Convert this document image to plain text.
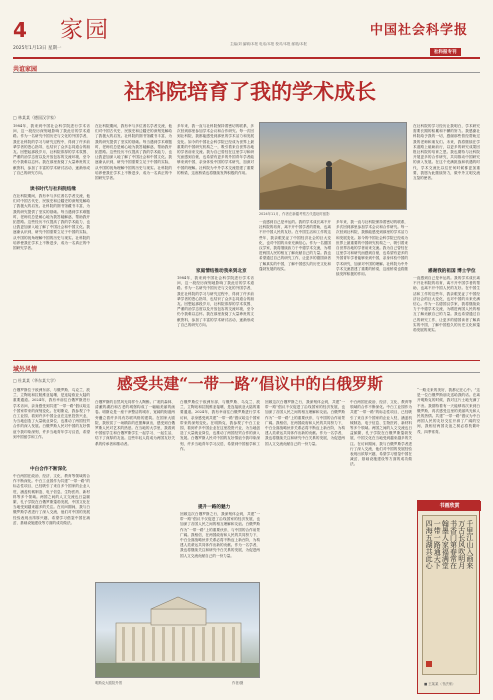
4 家园
2025年1月13日 星期一
中国社会科学报
主编/刘 编辑/本报 电话/本报 校对/本报 邮箱/本报
社科报专刊
共谊家园
社科院培育了我的学术成长
□ 林某某（德国汉学家）
读书时代与社科院结缘
1984年，我来到中国社会科学院进行学术访问，这一段经历深刻地影响了我此后的学术道路。作为一名研究中国历史与文化的外国学者，我在社科院的学习与研究过程中，得到了许多前辈学者的悉心指导，也结识了众多志同道合的朋友。回想起那段岁月，社科院浓厚的学术氛围、严谨的治学态度以及开放包容的交流环境，至今仍令我难以忘怀。我在那里查阅了大量珍贵的文献资料，参加了丰富的学术研讨活动，逐渐形成了自己的研究方向。
在社科院期间，我有幸与多位著名学者交流，他们对中国古代史、民族史和边疆史的深刻见解给了我极大的启发。社科院的图书馆藏书丰富，为我的研究提供了坚实的基础。每当遇到学术难题时，老师们总是耐心地为我答疑解惑，帮助我开拓思路。这些经历不仅提高了我的学术能力，也让我更加深入地了解了中国社会和中国文化。我逐渐认识到，研究中国需要立足于中国的实际，从中国的视角理解中国的历史与现实。社科院的培养使我在学术上不断进步，成为一名真正的中国研究学者。
在社科院期间，我有幸与多位著名学者交流，他们对中国古代史、民族史和边疆史的深刻见解给了我极大的启发。社科院的图书馆藏书丰富，为我的研究提供了坚实的基础。每当遇到学术难题时，老师们总是耐心地为我答疑解惑，帮助我开拓思路。这些经历不仅提高了我的学术能力，也让我更加深入地了解了中国社会和中国文化。我逐渐认识到，研究中国需要立足于中国的实际，从中国的视角理解中国的历史与现实。社科院的培养使我在学术上不断进步，成为一名真正的中国研究学者。
多年来，我一直与社科院保持着密切的联系，多次回到那里参加学术会议和合作研究。每一次回到社科院，我都能感受到那里的学术活力和发展变化。如今的中国社会科学院已经成为世界上最重要的中国研究机构之一，吸引着来自世界各地的学者前来交流。我为自己曾经在这里学习和研究而感到自豪，也希望有更多的外国青年学者能够来到中国，亲身体验中国的学术研究，加深对中国的理解。社科院为中外学术交流搭建了重要的桥梁，这座桥梁也将继续发挥积极的作用。
家庭情结推动我来到北京
1984年，我来到中国社会科学院进行学术访问，这一段经历深刻地影响了我此后的学术道路。作为一名研究中国历史与文化的外国学者，我在社科院的学习与研究过程中，得到了许多前辈学者的悉心指导，也结识了众多志同道合的朋友。回想起那段岁月，社科院浓厚的学术氛围、严谨的治学态度以及开放包容的交流环境，至今仍令我难以忘怀。我在那里查阅了大量珍贵的文献资料，参加了丰富的学术研讨活动，逐渐形成了自己的研究方向。
2024年11月，作者在新疆考察古代遗址时留影
一直感到自己是幸运的。我的学术成长离不开社科院的培育，离不开中国学者的帮助，也离不开中国人民的友好。在中国生活和工作的这些年，我亲眼见证了中国经济社会的巨大变化，也对中国的未来充满信心。作为一名德国汉学家，我将继续致力于中德学术交流，为增进两国人民的相互了解贡献自己的力量。我也希望通过自己的研究工作，让更多的德国读者了解真实的中国，了解中国悠久的历史文化和蓬勃发展的现实。
多年来，我一直与社科院保持着密切的联系，多次回到那里参加学术会议和合作研究。每一次回到社科院，我都能感受到那里的学术活力和发展变化。如今的中国社会科学院已经成为世界上最重要的中国研究机构之一，吸引着来自世界各地的学者前来交流。我为自己曾经在这里学习和研究而感到自豪，也希望有更多的外国青年学者能够来到中国，亲身体验中国的学术研究，加深对中国的理解。社科院为中外学术交流搭建了重要的桥梁，这座桥梁也将继续发挥积极的作用。
在社科院的学习经历让我明白，学术研究需要长期的积累和不懈的努力。我感谢社科院给予我的一切，感谢那些曾经帮助过我的老师和朋友们。未来，我将继续在学术道路上砥砺前行，以更多的研究成果回报社科院的培育之恩。我也期待与社科院开展更多的合作研究，共同推动中国研究的深入发展。在这个充满挑战和机遇的时代，学术交流比以往任何时候都更加重要，我愿为此继续努力，做中外文明交流互鉴的使者。
感谢我的祖国 博士学位
一直感到自己是幸运的。我的学术成长离不开社科院的培育，离不开中国学者的帮助，也离不开中国人民的友好。在中国生活和工作的这些年，我亲眼见证了中国经济社会的巨大变化，也对中国的未来充满信心。作为一名德国汉学家，我将继续致力于中德学术交流，为增进两国人民的相互了解贡献自己的力量。我也希望通过自己的研究工作，让更多的德国读者了解真实的中国，了解中国悠久的历史文化和蓬勃发展的现实。
域外风情
□ 杜某某（华东某大学）	感受共建“一带一路”倡议中的白俄罗斯
白俄罗斯位于欧洲东部，与俄罗斯、乌克兰、波兰、立陶宛和拉脱维亚接壤，是连接欧亚大陆的重要通道。2024年，我有幸前往白俄罗斯进行学术访问，亲身感受到共建“一带一路”倡议给这个国家带来的深刻变化。在明斯克，我参观了中白工业园，看到许多中国企业在这里投资兴业，为当地创造了大量就业岗位，也推动了两国经贸合作的深入发展。白俄罗斯人民对中国的友好情谊令我印象深刻，许多当地青年学习汉语，希望到中国留学和工作。
中白合作不断深化
中白两国在政治、经济、文化、教育等领域的合作不断深化。中白工业园作为共建“一带一路”的标志性项目，已经吸引了来自多个国家的企业入驻，涵盖机械制造、电子信息、生物医药、新材料等多个领域。两国之间的人文交流也日益频繁，孔子学院在白俄罗斯蓬勃发展，中国文化在当地受到越来越多的关注。在访问期间，我与白俄罗斯学者进行了深入交流，他们对中国的发展经验表现出浓厚兴趣，希望学习借鉴中国在减贫、基础设施建设等方面的成功做法。
白俄罗斯的自然风光同样令人陶醉。广袤的森林、清澈的湖泊和古老的城堡构成了一幅幅美丽的画卷。明斯克是一座干净整洁的城市，宽阔的街道两旁矗立着许多具有苏联风格的建筑。在国家大剧院，我欣赏了一场精彩的芭蕾舞演出，感受到白俄罗斯人民对艺术的热爱。在当地的大学里，我看到中国留学生和白俄罗斯学生一起学习、一起生活，结下了深厚的友谊。这些年轻人将成为两国友好关系的传承者和推动者。
白俄罗斯位于欧洲东部，与俄罗斯、乌克兰、波兰、立陶宛和拉脱维亚接壤，是连接欧亚大陆的重要通道。2024年，我有幸前往白俄罗斯进行学术访问，亲身感受到共建“一带一路”倡议给这个国家带来的深刻变化。在明斯克，我参观了中白工业园，看到许多中国企业在这里投资兴业，为当地创造了大量就业岗位，也推动了两国经贸合作的深入发展。白俄罗斯人民对中国的友好情谊令我印象深刻，许多当地青年学习汉语，希望到中国留学和工作。
提升一路的魅力
回顾这次白俄罗斯之行，我深刻体会到，共建“一带一路”倡议不仅促进了沿线国家的经济发展，也加深了各国人民之间的相互理解和友谊。白俄罗斯作为“一带一路”上的重要伙伴，与中国的合作前景广阔。我相信，在两国政府和人民的共同努力下，中白全面战略伙伴关系必将不断迈上新台阶，为构建人类命运共同体作出新的贡献。作为一名学者，我也将继续关注和研究中白关系的发展，为促进两国人文交流贡献自己的一份力量。
回顾这次白俄罗斯之行，我深刻体会到，共建“一带一路”倡议不仅促进了沿线国家的经济发展，也加深了各国人民之间的相互理解和友谊。白俄罗斯作为“一带一路”上的重要伙伴，与中国的合作前景广阔。我相信，在两国政府和人民的共同努力下，中白全面战略伙伴关系必将不断迈上新台阶，为构建人类命运共同体作出新的贡献。作为一名学者，我也将继续关注和研究中白关系的发展，为促进两国人文交流贡献自己的一份力量。
中白两国在政治、经济、文化、教育等领域的合作不断深化。中白工业园作为共建“一带一路”的标志性项目，已经吸引了来自多个国家的企业入驻，涵盖机械制造、电子信息、生物医药、新材料等多个领域。两国之间的人文交流也日益频繁，孔子学院在白俄罗斯蓬勃发展，中国文化在当地受到越来越多的关注。在访问期间，我与白俄罗斯学者进行了深入交流，他们对中国的发展经验表现出浓厚兴趣，希望学习借鉴中国在减贫、基础设施建设等方面的成功做法。
“一路走来的美好，我都记在心中。”这是一位白俄罗斯朋友送给我的话。在离开明斯克的时候，我对这片土地充满了不舍。我期待着有一天能够再次来到白俄罗斯，再次感受这里的美丽风光和人民的热情。共建“一带一路”倡议为中白两国人民的友好交往开辟了广阔的空间，我相信两国友谊之树必将枝繁叶茂、四季常青。
明斯克大剧院外景	作者/摄
书画欣赏
千里江山入画来
万古长风吹明月
书香门第春常在
翰墨人家福满堂
一带一路通天下
四海五湖共此心
■ 王某某（书法家）
